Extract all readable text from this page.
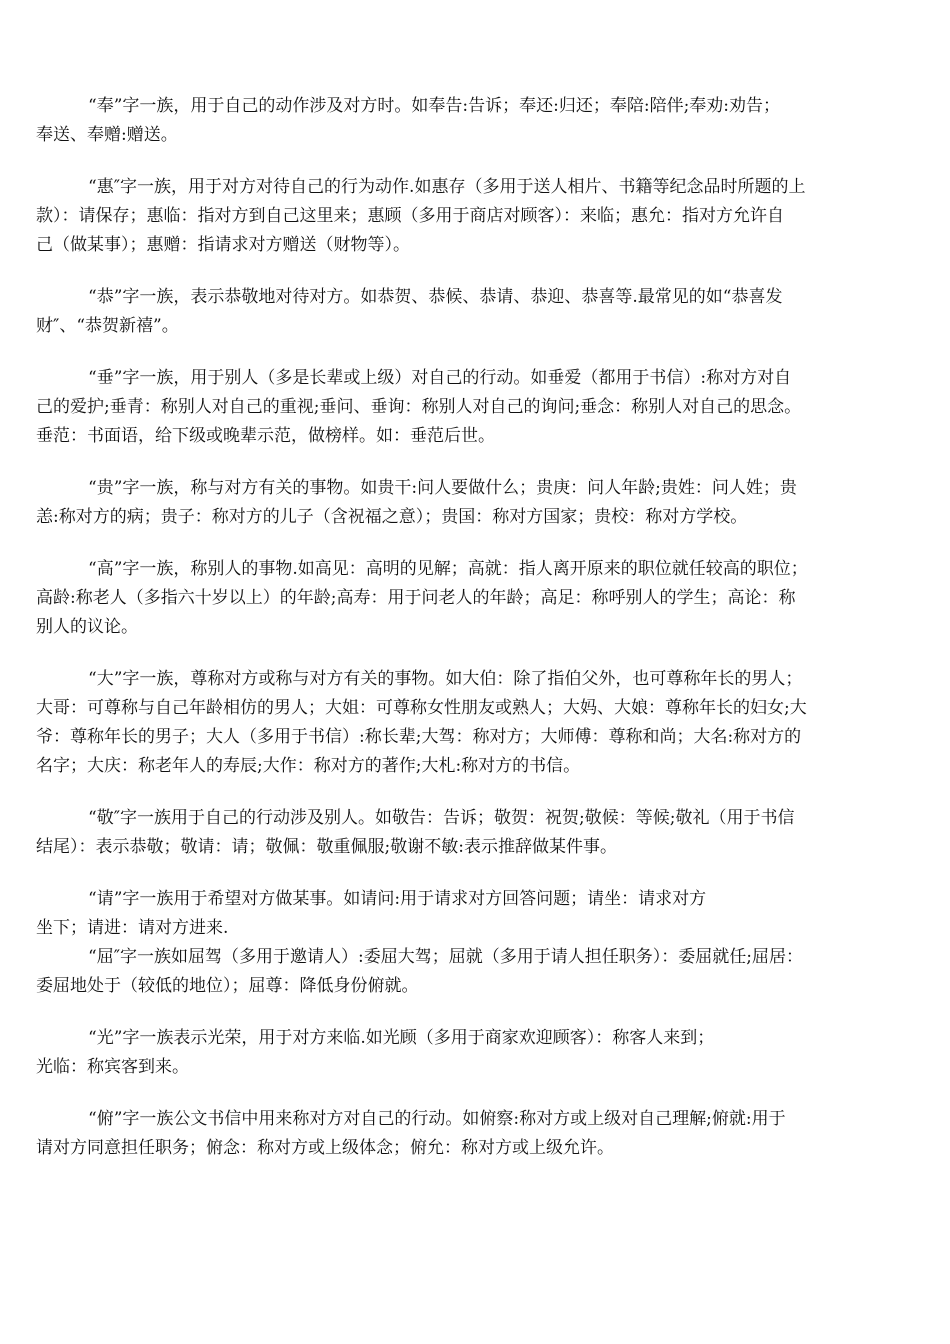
“奉”字一族，用于自己的动作涉及对方时。如奉告:告诉；奉还:归还；奉陪:陪伴;奉劝:劝告；
奉送、奉赠:赠送。
“惠″字一族，用于对方对待自己的行为动作.如惠存（多用于送人相片、书籍等纪念品时所题的上
款）：请保存；惠临：指对方到自己这里来；惠顾（多用于商店对顾客）：来临；惠允：指对方允许自
己（做某事）；惠赠：指请求对方赠送（财物等）。
“恭”字一族，表示恭敬地对待对方。如恭贺、恭候、恭请、恭迎、恭喜等.最常见的如“恭喜发
财″、“恭贺新禧”。
“垂”字一族，用于别人（多是长辈或上级）对自己的行动。如垂爱（都用于书信）:称对方对自
己的爱护;垂青：称别人对自己的重视;垂问、垂询：称别人对自己的询问;垂念：称别人对自己的思念。
垂范：书面语，给下级或晚辈示范，做榜样。如：垂范后世。
“贵”字一族，称与对方有关的事物。如贵干:问人要做什么；贵庚：问人年龄;贵姓：问人姓；贵
恙:称对方的病；贵子：称对方的儿子（含祝福之意）；贵国：称对方国家；贵校：称对方学校。
“高”字一族，称别人的事物.如高见：高明的见解；高就：指人离开原来的职位就任较高的职位；
高龄:称老人（多指六十岁以上）的年龄;高寿：用于问老人的年龄；高足：称呼别人的学生；高论：称
别人的议论。
“大”字一族，尊称对方或称与对方有关的事物。如大伯：除了指伯父外，也可尊称年长的男人；
大哥：可尊称与自己年龄相仿的男人；大姐：可尊称女性朋友或熟人；大妈、大娘：尊称年长的妇女;大
爷：尊称年长的男子；大人（多用于书信）:称长辈;大驾：称对方；大师傅：尊称和尚；大名:称对方的
名字；大庆：称老年人的寿辰;大作：称对方的著作;大札:称对方的书信。
“敬″字一族用于自己的行动涉及别人。如敬告：告诉；敬贺：祝贺;敬候：等候;敬礼（用于书信
结尾）：表示恭敬；敬请：请；敬佩：敬重佩服;敬谢不敏:表示推辞做某件事。
“请”字一族用于希望对方做某事。如请问:用于请求对方回答问题；请坐：请求对方
坐下；请进：请对方进来.
“屈″字一族如屈驾（多用于邀请人）:委屈大驾；屈就（多用于请人担任职务）：委屈就任;屈居：
委屈地处于（较低的地位）；屈尊：降低身份俯就。
“光”字一族表示光荣，用于对方来临.如光顾（多用于商家欢迎顾客）：称客人来到；
光临：称宾客到来。
“俯”字一族公文书信中用来称对方对自己的行动。如俯察:称对方或上级对自己理解;俯就:用于
请对方同意担任职务；俯念：称对方或上级体念；俯允：称对方或上级允许。
